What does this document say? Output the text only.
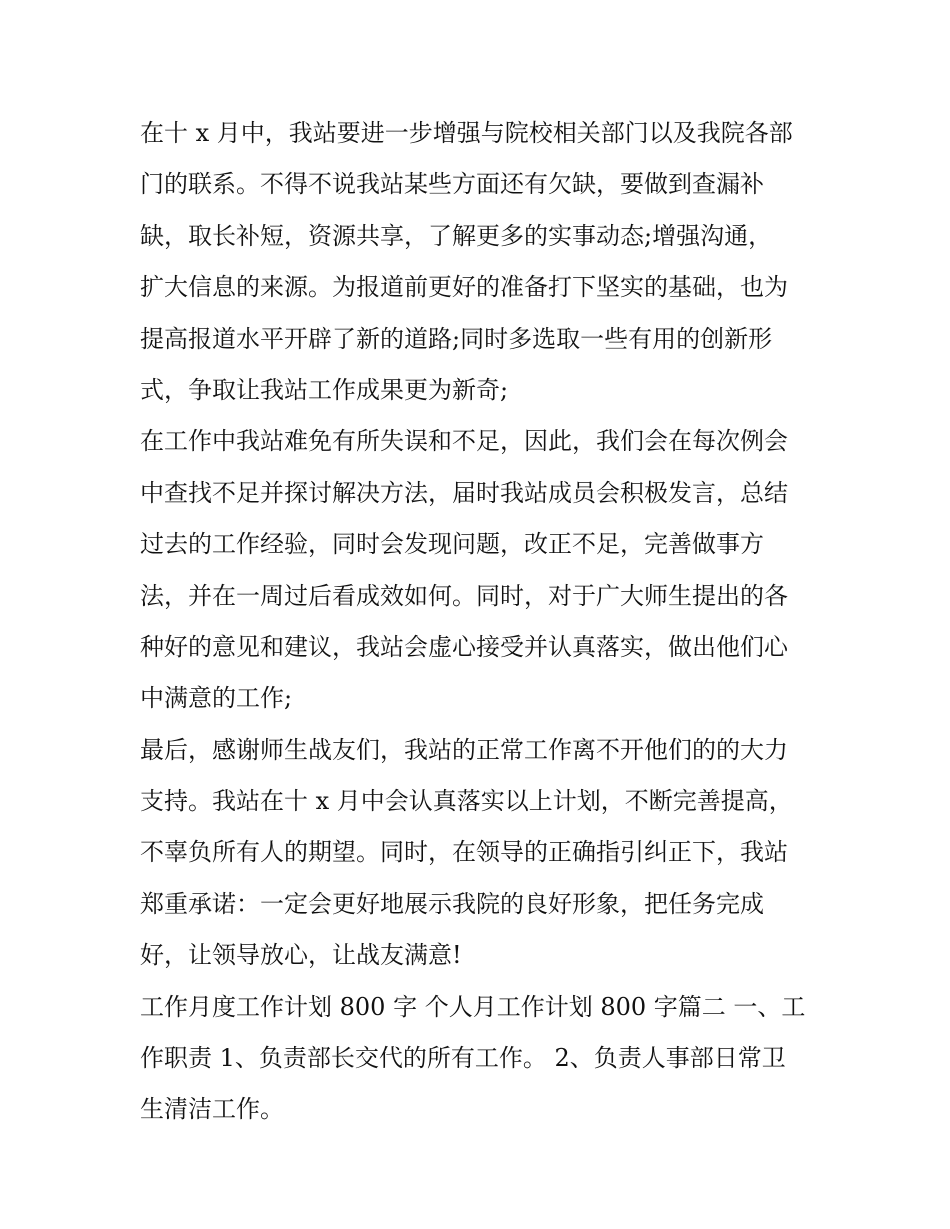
在十 x 月中，我站要进一步增强与院校相关部门以及我院各部
门的联系。不得不说我站某些方面还有欠缺，要做到查漏补
缺，取长补短，资源共享，了解更多的实事动态;增强沟通，
扩大信息的来源。为报道前更好的准备打下坚实的基础，也为
提高报道水平开辟了新的道路;同时多选取一些有用的创新形
式，争取让我站工作成果更为新奇;
在工作中我站难免有所失误和不足，因此，我们会在每次例会
中查找不足并探讨解决方法，届时我站成员会积极发言，总结
过去的工作经验，同时会发现问题，改正不足，完善做事方
法，并在一周过后看成效如何。同时，对于广大师生提出的各
种好的意见和建议，我站会虚心接受并认真落实，做出他们心
中满意的工作;
最后，感谢师生战友们，我站的正常工作离不开他们的的大力
支持。我站在十 x 月中会认真落实以上计划，不断完善提高，
不辜负所有人的期望。同时，在领导的正确指引纠正下，我站
郑重承诺：一定会更好地展示我院的良好形象，把任务完成
好，让领导放心，让战友满意!
工作月度工作计划 800 字 个人月工作计划 800 字篇二 一、工
作职责 1、负责部长交代的所有工作。 2、负责人事部日常卫
生清洁工作。
